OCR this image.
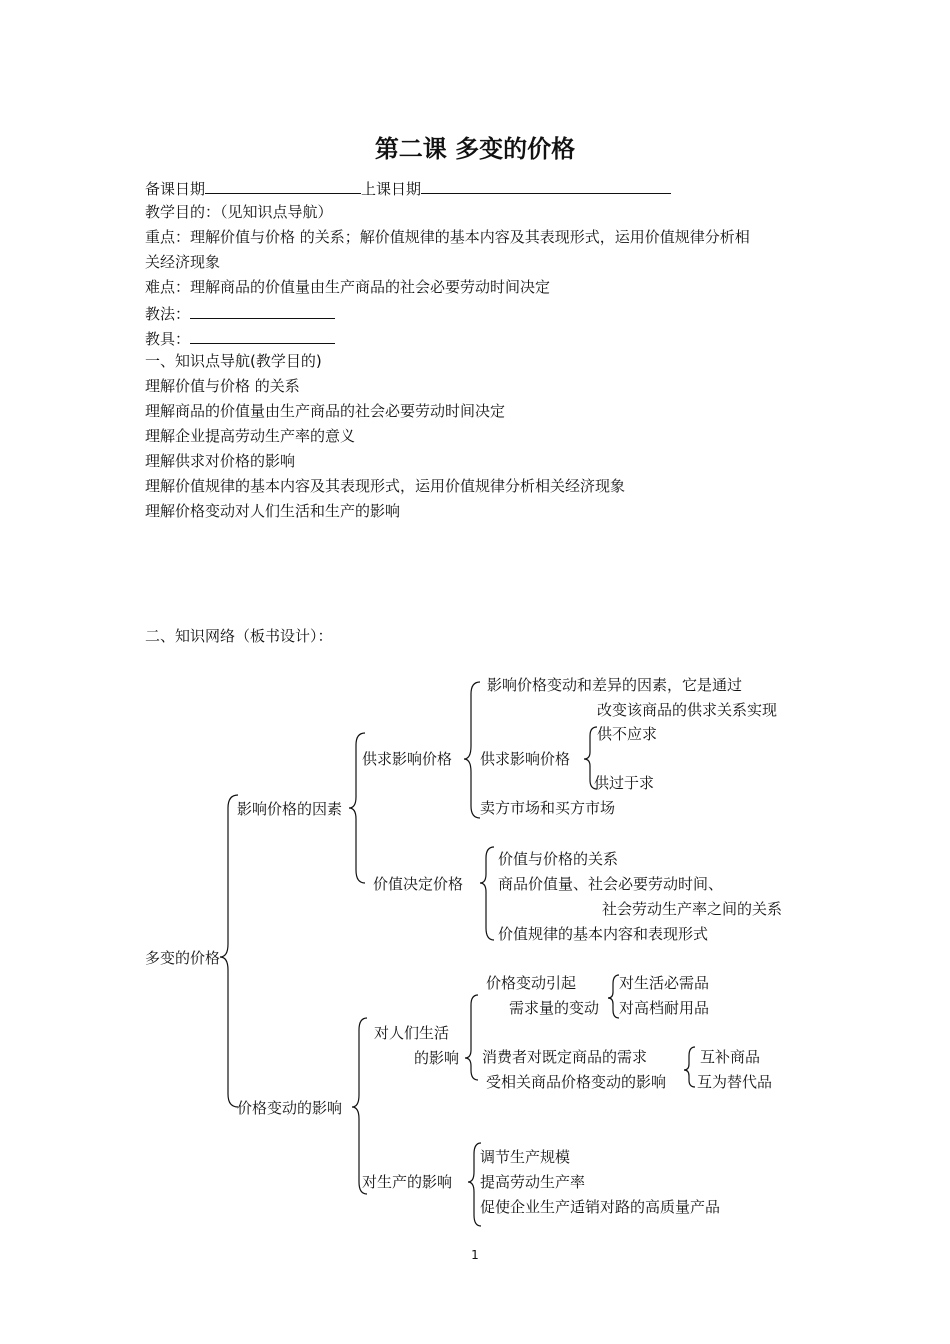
第二课 多变的价格
备课日期	上课日期
教学目的：（见知识点导航）
重点：理解价值与价格 的关系；解价值规律的基本内容及其表现形式，运用价值规律分析相
关经济现象
难点：理解商品的价值量由生产商品的社会必要劳动时间决定
教法：
教具：
一、知识点导航(教学目的)
理解价值与价格 的关系
理解商品的价值量由生产商品的社会必要劳动时间决定
理解企业提高劳动生产率的意义
理解供求对价格的影响
理解价值规律的基本内容及其表现形式，运用价值规律分析相关经济现象
理解价格变动对人们生活和生产的影响
二、知识网络（板书设计）：
多变的价格
影响价格的因素
供求影响价格
影响价格变动和差异的因素，它是通过
改变该商品的供求关系实现
供求影响价格
供不应求
供过于求
卖方市场和买方市场
价值决定价格
价值与价格的关系
商品价值量、社会必要劳动时间、
社会劳动生产率之间的关系
价值规律的基本内容和表现形式
价格变动的影响
对人们生活
的影响
价格变动引起
需求量的变动
对生活必需品
对高档耐用品
消费者对既定商品的需求
受相关商品价格变动的影响
互补商品
互为替代品
对生产的影响
调节生产规模
提高劳动生产率
促使企业生产适销对路的高质量产品
1
